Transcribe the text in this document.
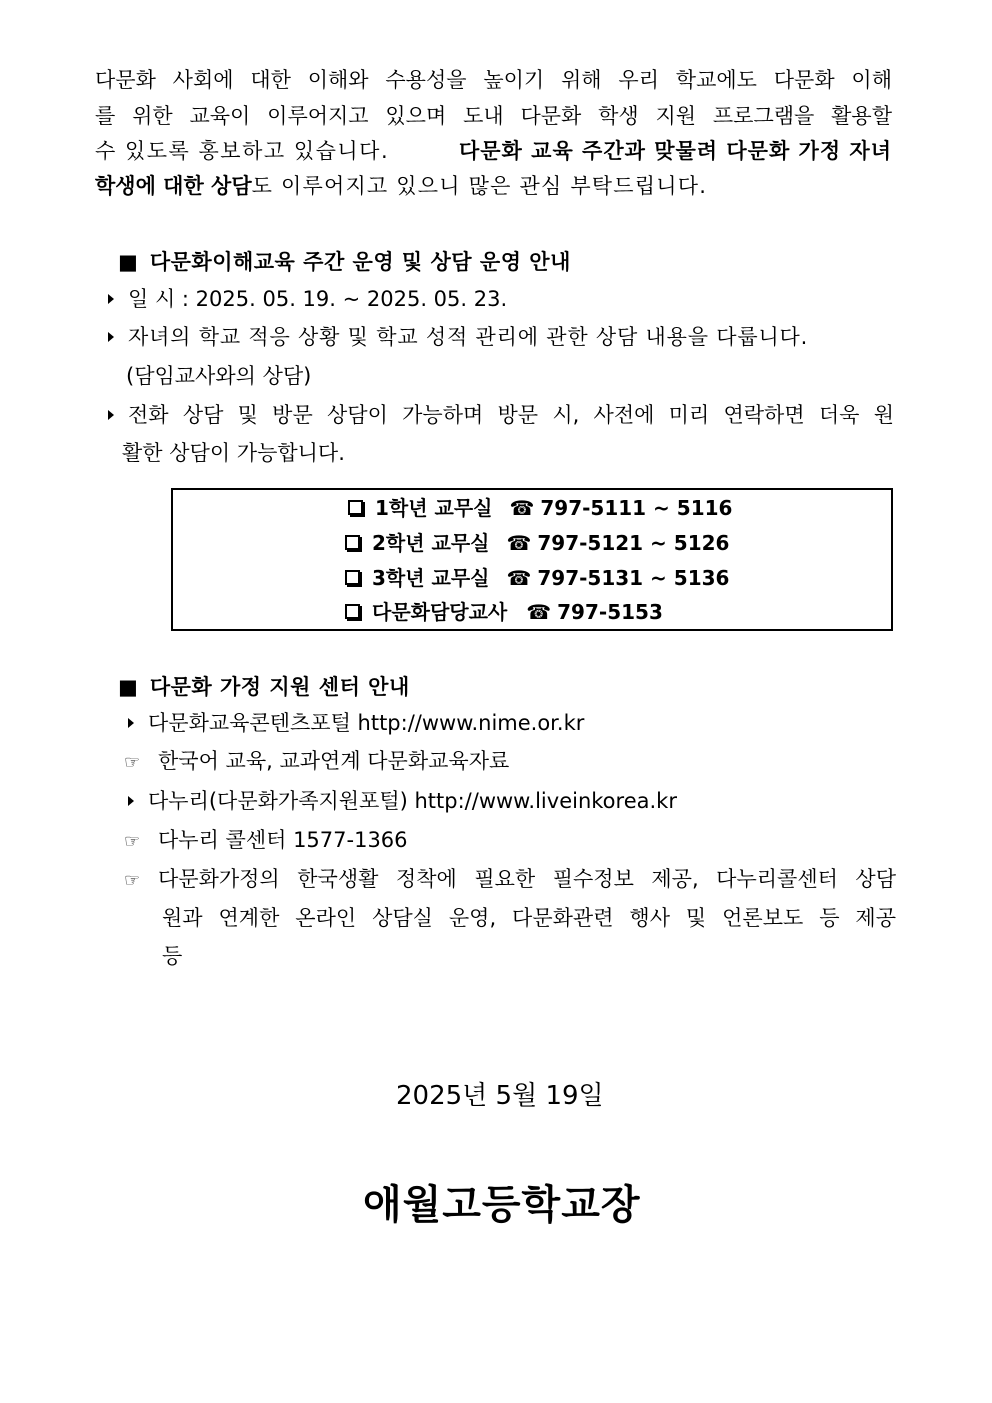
다문화 사회에 대한 이해와 수용성을 높이기 위해 우리 학교에도 다문화 이해
를 위한 교육이 이루어지고 있으며 도내 다문화 학생 지원 프로그램을 활용할
수 있도록 홍보하고 있습니다.	다문화 교육 주간과 맞물려 다문화 가정 자녀
학생에 대한 상담도 이루어지고 있으니 많은 관심 부탁드립니다.
■ 다문화이해교육 주간 운영 및 상담 운영 안내
일 시 : 2025. 05. 19. ~ 2025. 05. 23.
자녀의 학교 적응 상황 및 학교 성적 관리에 관한 상담 내용을 다룹니다.
(담임교사와의 상담)
전화 상담 및 방문 상담이 가능하며 방문 시, 사전에 미리 연락하면 더욱 원
활한 상담이 가능합니다.
1학년 교무실 ☎ 797-5111 ~ 5116
2학년 교무실 ☎ 797-5121 ~ 5126
3학년 교무실 ☎ 797-5131 ~ 5136
다문화담당교사 ☎ 797-5153
■ 다문화 가정 지원 센터 안내
다문화교육콘텐츠포털 http://www.nime.or.kr
☞ 한국어 교육, 교과연계 다문화교육자료
다누리(다문화가족지원포털) http://www.liveinkorea.kr
☞ 다누리 콜센터 1577-1366
☞ 다문화가정의 한국생활 정착에 필요한 필수정보 제공, 다누리콜센터 상담
원과 연계한 온라인 상담실 운영, 다문화관련 행사 및 언론보도 등 제공
등
2025년 5월 19일
애월고등학교장
